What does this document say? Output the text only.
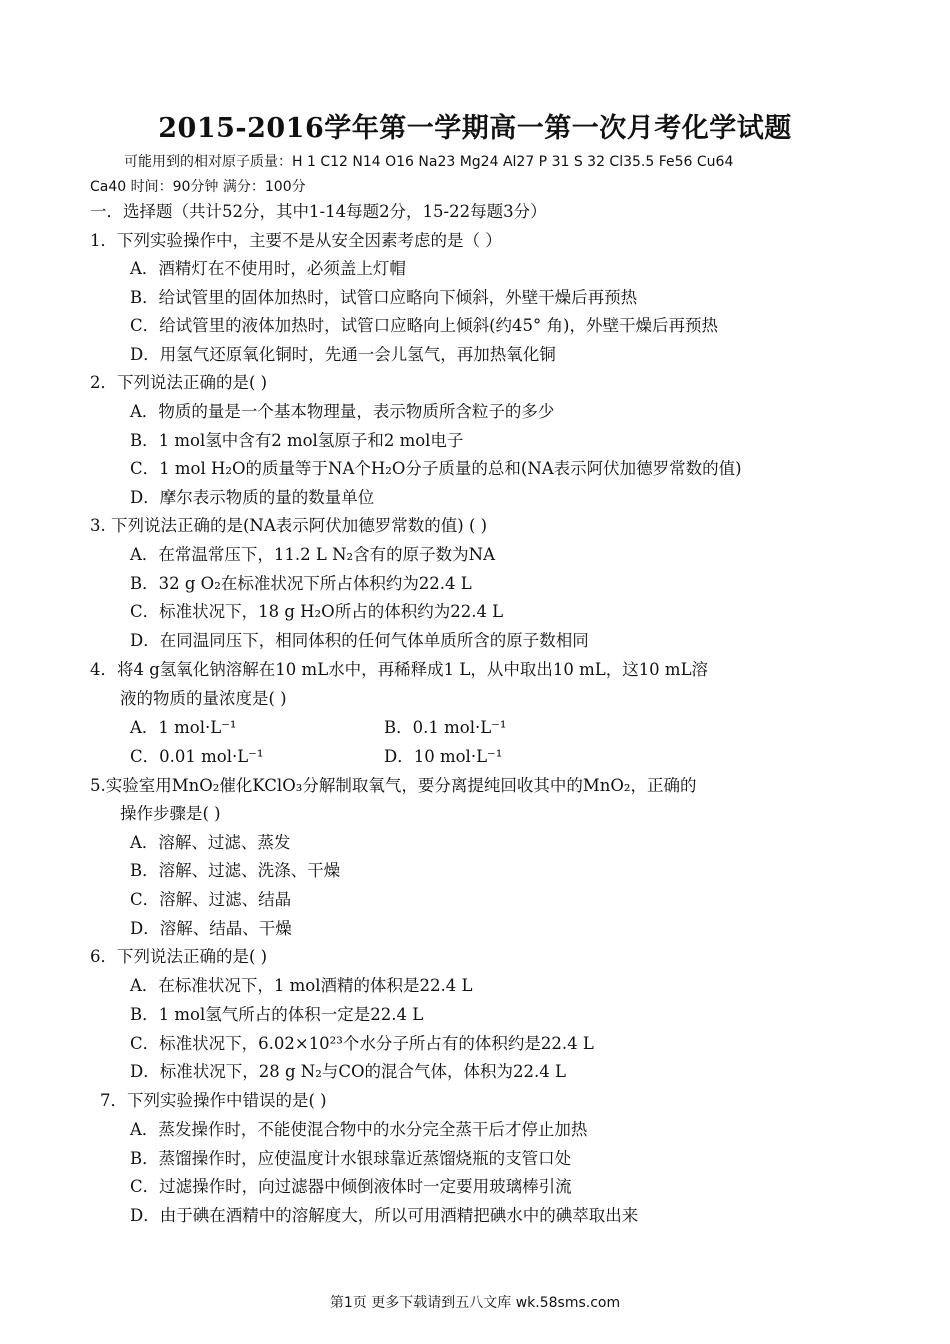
2015-2016学年第一学期高一第一次月考化学试题
可能用到的相对原子质量：H 1 C12 N14 O16 Na23 Mg24 Al27 P 31 S 32 Cl35.5 Fe56 Cu64
Ca40 时间：90分钟 满分：100分
一．选择题（共计52分，其中1-14每题2分，15-22每题3分）
1．下列实验操作中，主要不是从安全因素考虑的是（ ）
A．酒精灯在不使用时，必须盖上灯帽
B．给试管里的固体加热时，试管口应略向下倾斜，外壁干燥后再预热
C．给试管里的液体加热时，试管口应略向上倾斜(约45° 角)，外壁干燥后再预热
D．用氢气还原氧化铜时，先通一会儿氢气，再加热氧化铜
2．下列说法正确的是( )
A．物质的量是一个基本物理量，表示物质所含粒子的多少
B．1 mol氢中含有2 mol氢原子和2 mol电子
C．1 mol H₂O的质量等于NA个H₂O分子质量的总和(NA表示阿伏加德罗常数的值)
D．摩尔表示物质的量的数量单位
3. 下列说法正确的是(NA表示阿伏加德罗常数的值) ( )
A．在常温常压下，11.2 L N₂含有的原子数为NA
B．32 g O₂在标准状况下所占体积约为22.4 L
C．标准状况下，18 g H₂O所占的体积约为22.4 L
D．在同温同压下，相同体积的任何气体单质所含的原子数相同
4．将4 g氢氧化钠溶解在10 mL水中，再稀释成1 L，从中取出10 mL，这10 mL溶
液的物质的量浓度是( )
A．1 mol·L⁻¹	B．0.1 mol·L⁻¹
C．0.01 mol·L⁻¹	D．10 mol·L⁻¹
5.实验室用MnO₂催化KClO₃分解制取氧气，要分离提纯回收其中的MnO₂，正确的
操作步骤是( )
A．溶解、过滤、蒸发
B．溶解、过滤、洗涤、干燥
C．溶解、过滤、结晶
D．溶解、结晶、干燥
6．下列说法正确的是( )
A．在标准状况下，1 mol酒精的体积是22.4 L
B．1 mol氢气所占的体积一定是22.4 L
C．标准状况下，6.02×10²³个水分子所占有的体积约是22.4 L
D．标准状况下，28 g N₂与CO的混合气体，体积为22.4 L
7．下列实验操作中错误的是( )
A．蒸发操作时，不能使混合物中的水分完全蒸干后才停止加热
B．蒸馏操作时，应使温度计水银球靠近蒸馏烧瓶的支管口处
C．过滤操作时，向过滤器中倾倒液体时一定要用玻璃棒引流
D．由于碘在酒精中的溶解度大，所以可用酒精把碘水中的碘萃取出来
第1页 更多下载请到五八文库 wk.58sms.com
